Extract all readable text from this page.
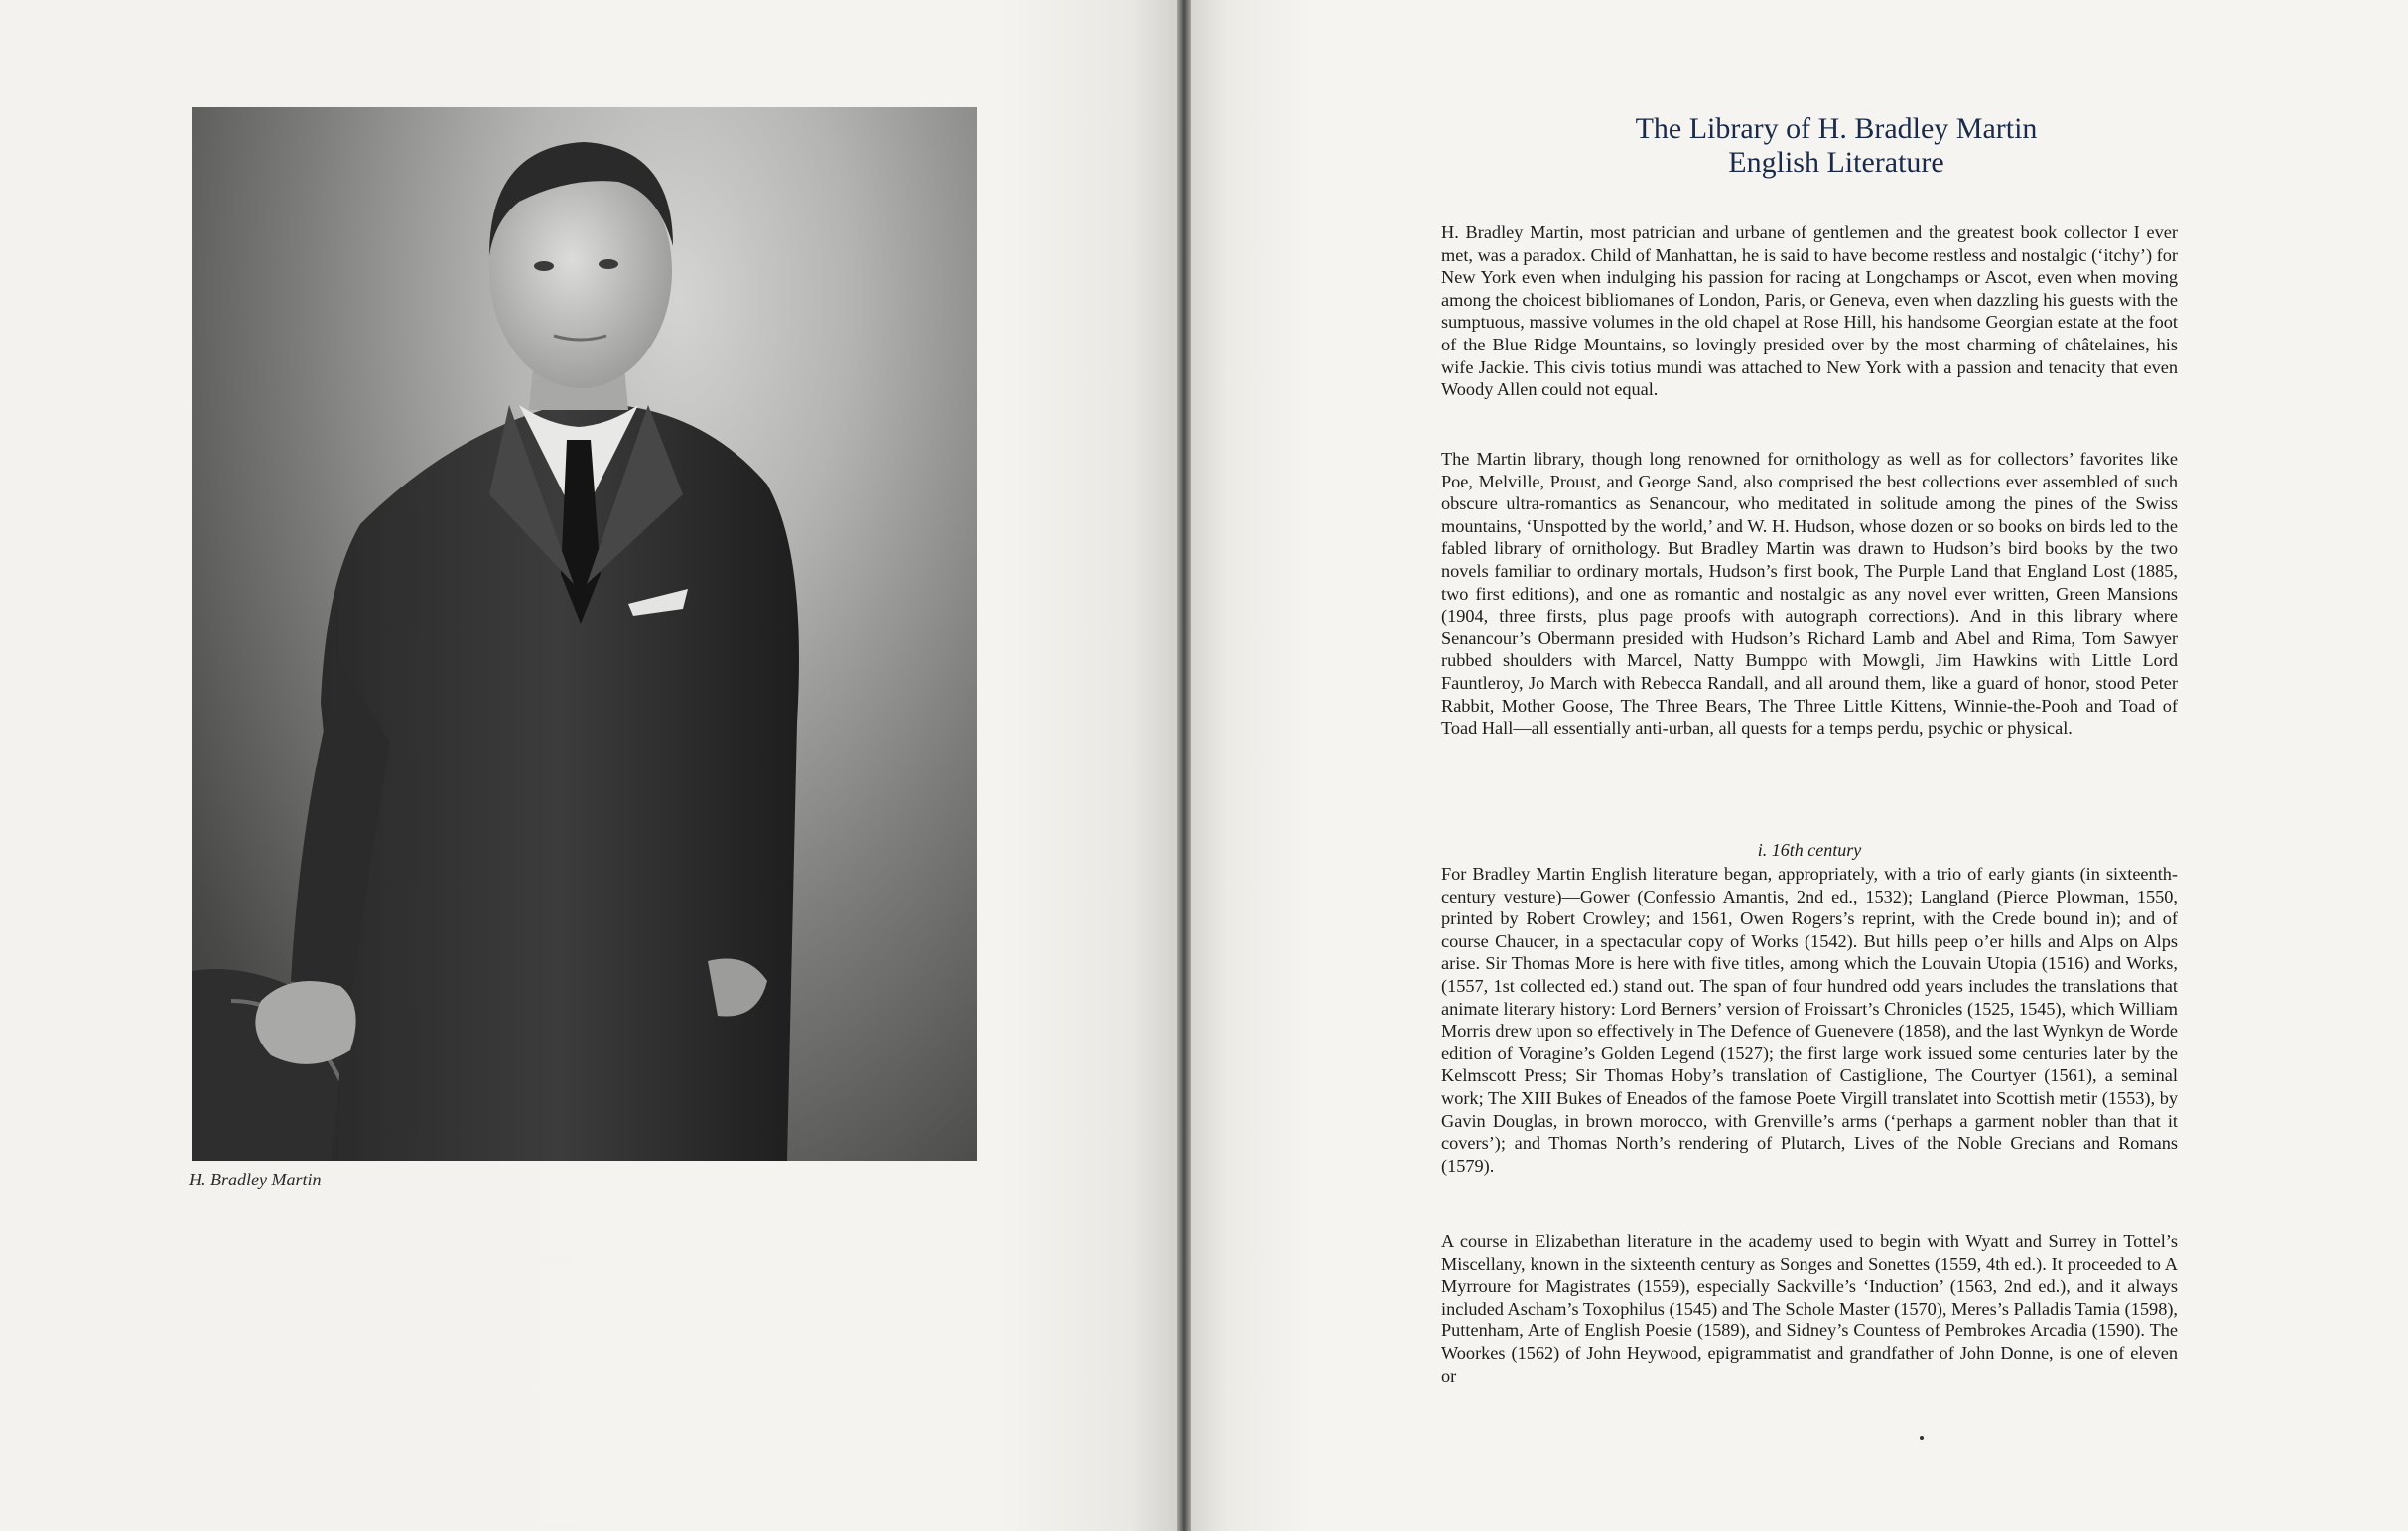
H. Bradley Martin
The Library of H. Bradley Martin
English Literature

H. Bradley Martin, most patrician and urbane of gentlemen and the greatest book collector I ever met, was a paradox. Child of Manhattan, he is said to have become restless and nostalgic (‘itchy’) for New York even when indulging his passion for racing at Longchamps or Ascot, even when moving among the choicest bibliomanes of London, Paris, or Geneva, even when dazzling his guests with the sumptuous, massive volumes in the old chapel at Rose Hill, his handsome Georgian estate at the foot of the Blue Ridge Mountains, so lovingly presided over by the most charming of châtelaines, his wife Jackie. This civis totius mundi was attached to New York with a passion and tenacity that even Woody Allen could not equal.

The Martin library, though long renowned for ornithology as well as for collectors’ favorites like Poe, Melville, Proust, and George Sand, also comprised the best collections ever assembled of such obscure ultra-romantics as Senancour, who meditated in solitude among the pines of the Swiss mountains, ‘Unspotted by the world,’ and W. H. Hudson, whose dozen or so books on birds led to the fabled library of ornithology. But Bradley Martin was drawn to Hudson’s bird books by the two novels familiar to ordinary mortals, Hudson’s first book, The Purple Land that England Lost (1885, two first editions), and one as romantic and nostalgic as any novel ever written, Green Mansions (1904, three firsts, plus page proofs with autograph corrections). And in this library where Senancour’s Obermann presided with Hudson’s Richard Lamb and Abel and Rima, Tom Sawyer rubbed shoulders with Marcel, Natty Bumppo with Mowgli, Jim Hawkins with Little Lord Fauntleroy, Jo March with Rebecca Randall, and all around them, like a guard of honor, stood Peter Rabbit, Mother Goose, The Three Bears, The Three Little Kittens, Winnie-the-Pooh and Toad of Toad Hall—all essentially anti-urban, all quests for a temps perdu, psychic or physical.

i. 16th century

For Bradley Martin English literature began, appropriately, with a trio of early giants (in sixteenth-century vesture)—Gower (Confessio Amantis, 2nd ed., 1532); Langland (Pierce Plowman, 1550, printed by Robert Crowley; and 1561, Owen Rogers’s reprint, with the Crede bound in); and of course Chaucer, in a spectacular copy of Works (1542). But hills peep o’er hills and Alps on Alps arise. Sir Thomas More is here with five titles, among which the Louvain Utopia (1516) and Works, (1557, 1st collected ed.) stand out. The span of four hundred odd years includes the translations that animate literary history: Lord Berners’ version of Froissart’s Chronicles (1525, 1545), which William Morris drew upon so effectively in The Defence of Guenevere (1858), and the last Wynkyn de Worde edition of Voragine’s Golden Legend (1527); the first large work issued some centuries later by the Kelmscott Press; Sir Thomas Hoby’s translation of Castiglione, The Courtyer (1561), a seminal work; The XIII Bukes of Eneados of the famose Poete Virgill translatet into Scottish metir (1553), by Gavin Douglas, in brown morocco, with Grenville’s arms (‘perhaps a garment nobler than that it covers’); and Thomas North’s rendering of Plutarch, Lives of the Noble Grecians and Romans (1579).

A course in Elizabethan literature in the academy used to begin with Wyatt and Surrey in Tottel’s Miscellany, known in the sixteenth century as Songes and Sonettes (1559, 4th ed.). It proceeded to A Myrroure for Magistrates (1559), especially Sackville’s ‘Induction’ (1563, 2nd ed.), and it always included Ascham’s Toxophilus (1545) and The Schole Master (1570), Meres’s Palladis Tamia (1598), Puttenham, Arte of English Poesie (1589), and Sidney’s Countess of Pembrokes Arcadia (1590). The Woorkes (1562) of John Heywood, epigrammatist and grandfather of John Donne, is one of eleven or
